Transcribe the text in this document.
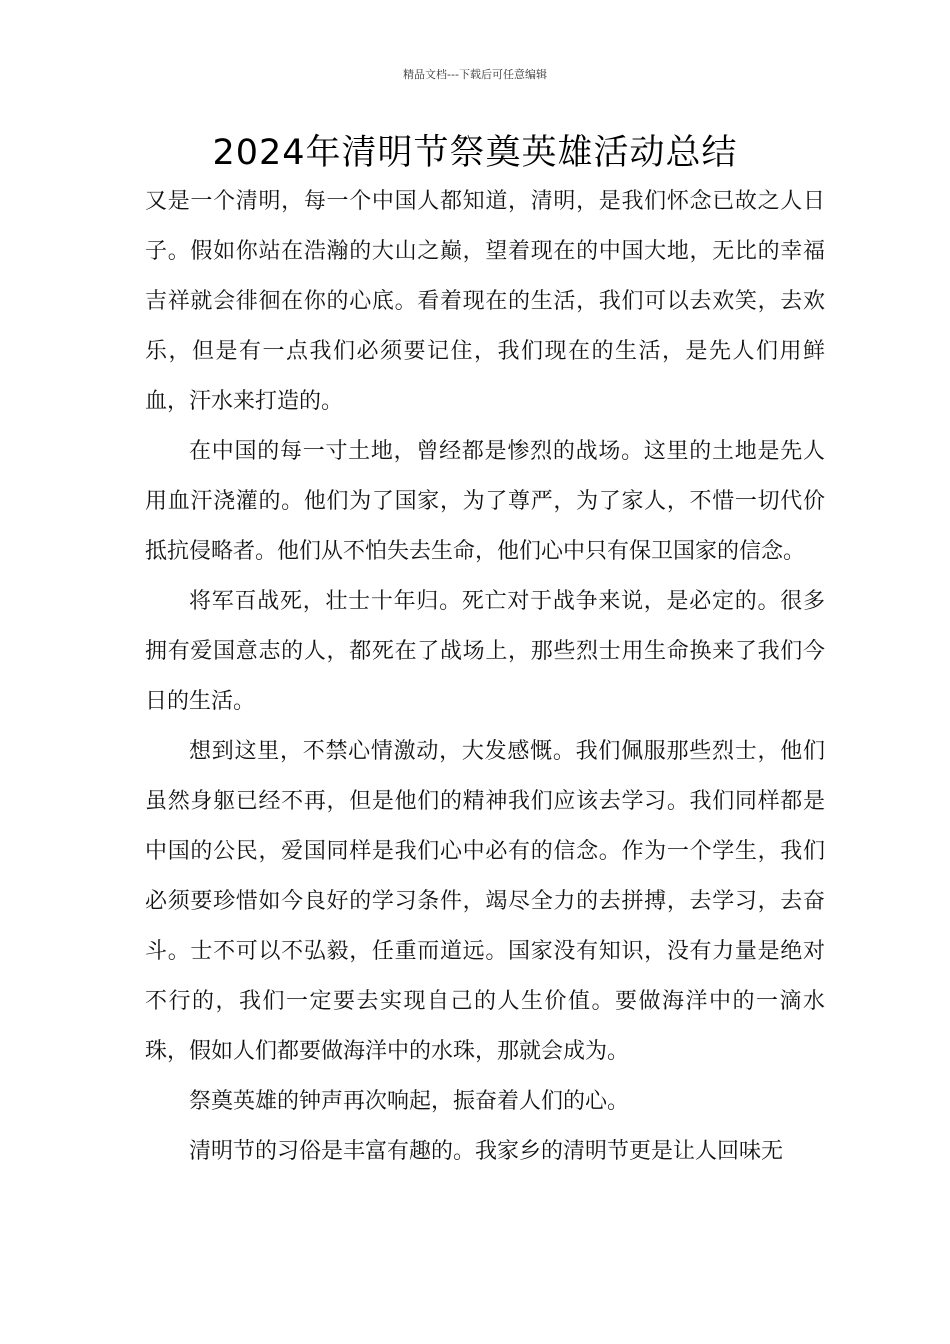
精品文档---下载后可任意编辑
2024年清明节祭奠英雄活动总结

又是一个清明，每一个中国人都知道，清明，是我们怀念已故之人日子。假如你站在浩瀚的大山之巅，望着现在的中国大地，无比的幸福吉祥就会徘徊在你的心底。看着现在的生活，我们可以去欢笑，去欢乐，但是有一点我们必须要记住，我们现在的生活，是先人们用鲜血，汗水来打造的。

在中国的每一寸土地，曾经都是惨烈的战场。这里的土地是先人用血汗浇灌的。他们为了国家，为了尊严，为了家人，不惜一切代价抵抗侵略者。他们从不怕失去生命，他们心中只有保卫国家的信念。

将军百战死，壮士十年归。死亡对于战争来说，是必定的。很多拥有爱国意志的人，都死在了战场上，那些烈士用生命换来了我们今日的生活。

想到这里，不禁心情激动，大发感慨。我们佩服那些烈士，他们虽然身躯已经不再，但是他们的精神我们应该去学习。我们同样都是中国的公民，爱国同样是我们心中必有的信念。作为一个学生，我们必须要珍惜如今良好的学习条件，竭尽全力的去拼搏，去学习，去奋斗。士不可以不弘毅，任重而道远。国家没有知识，没有力量是绝对不行的，我们一定要去实现自己的人生价值。要做海洋中的一滴水珠，假如人们都要做海洋中的水珠，那就会成为。

祭奠英雄的钟声再次响起，振奋着人们的心。

清明节的习俗是丰富有趣的。我家乡的清明节更是让人回味无
